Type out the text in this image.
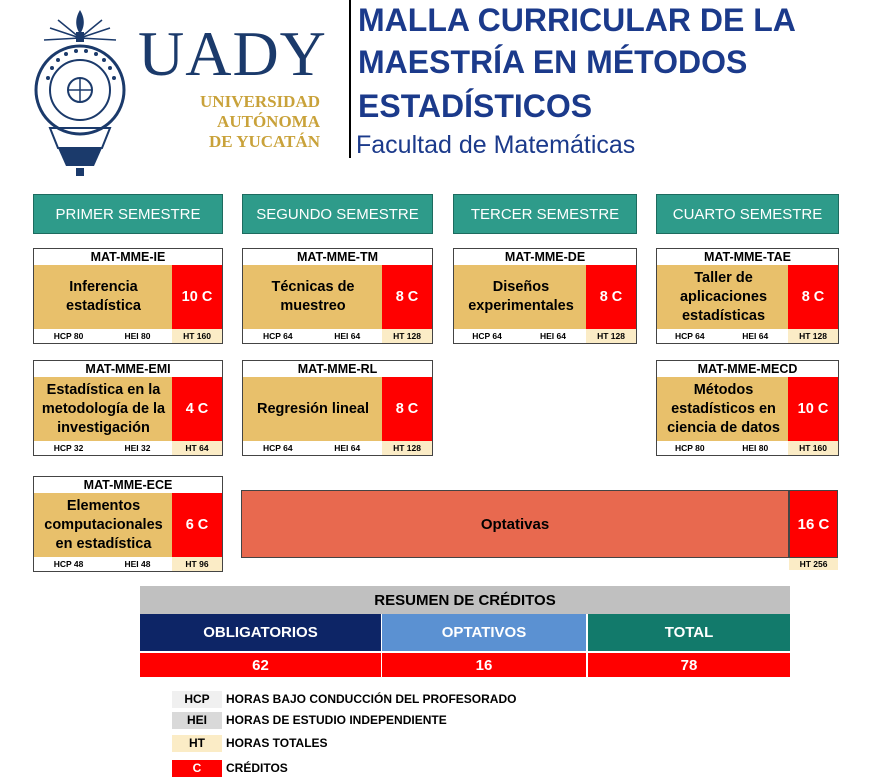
UADY
UNIVERSIDAD
AUTÓNOMA
DE YUCATÁN
MALLA CURRICULAR DE LA
MAESTRÍA EN MÉTODOS
ESTADÍSTICOS
Facultad de Matemáticas
PRIMER SEMESTRE	SEGUNDO SEMESTRE	TERCER SEMESTRE	CUARTO SEMESTRE
MAT-MME-IE
Inferencia estadística
10 C
HCP 80	HEI 80	HT 160
MAT-MME-TM
Técnicas de muestreo
8 C
HCP 64	HEI 64	HT 128
MAT-MME-DE
Diseños experimentales
8 C
HCP 64	HEI 64	HT 128
MAT-MME-TAE
Taller de aplicaciones estadísticas
8 C
HCP 64	HEI 64	HT 128
MAT-MME-EMI
Estadística en la metodología de la investigación
4 C
HCP 32	HEI 32	HT 64
MAT-MME-RL
Regresión lineal	8 C
HCP 64	HEI 64	HT 128
MAT-MME-MECD
Métodos estadísticos en ciencia de datos
10 C
HCP 80	HEI 80	HT 160
MAT-MME-ECE
Elementos computacionales en estadística
6 C
HCP 48	HEI 48	HT 96
Optativas	16 C
HT 256
RESUMEN DE CRÉDITOS
OBLIGATORIOS	OPTATIVOS	TOTAL
62	16	78
HCP	HORAS BAJO CONDUCCIÓN DEL PROFESORADO
HEI	HORAS DE ESTUDIO INDEPENDIENTE
HT	HORAS TOTALES
C	CRÉDITOS
